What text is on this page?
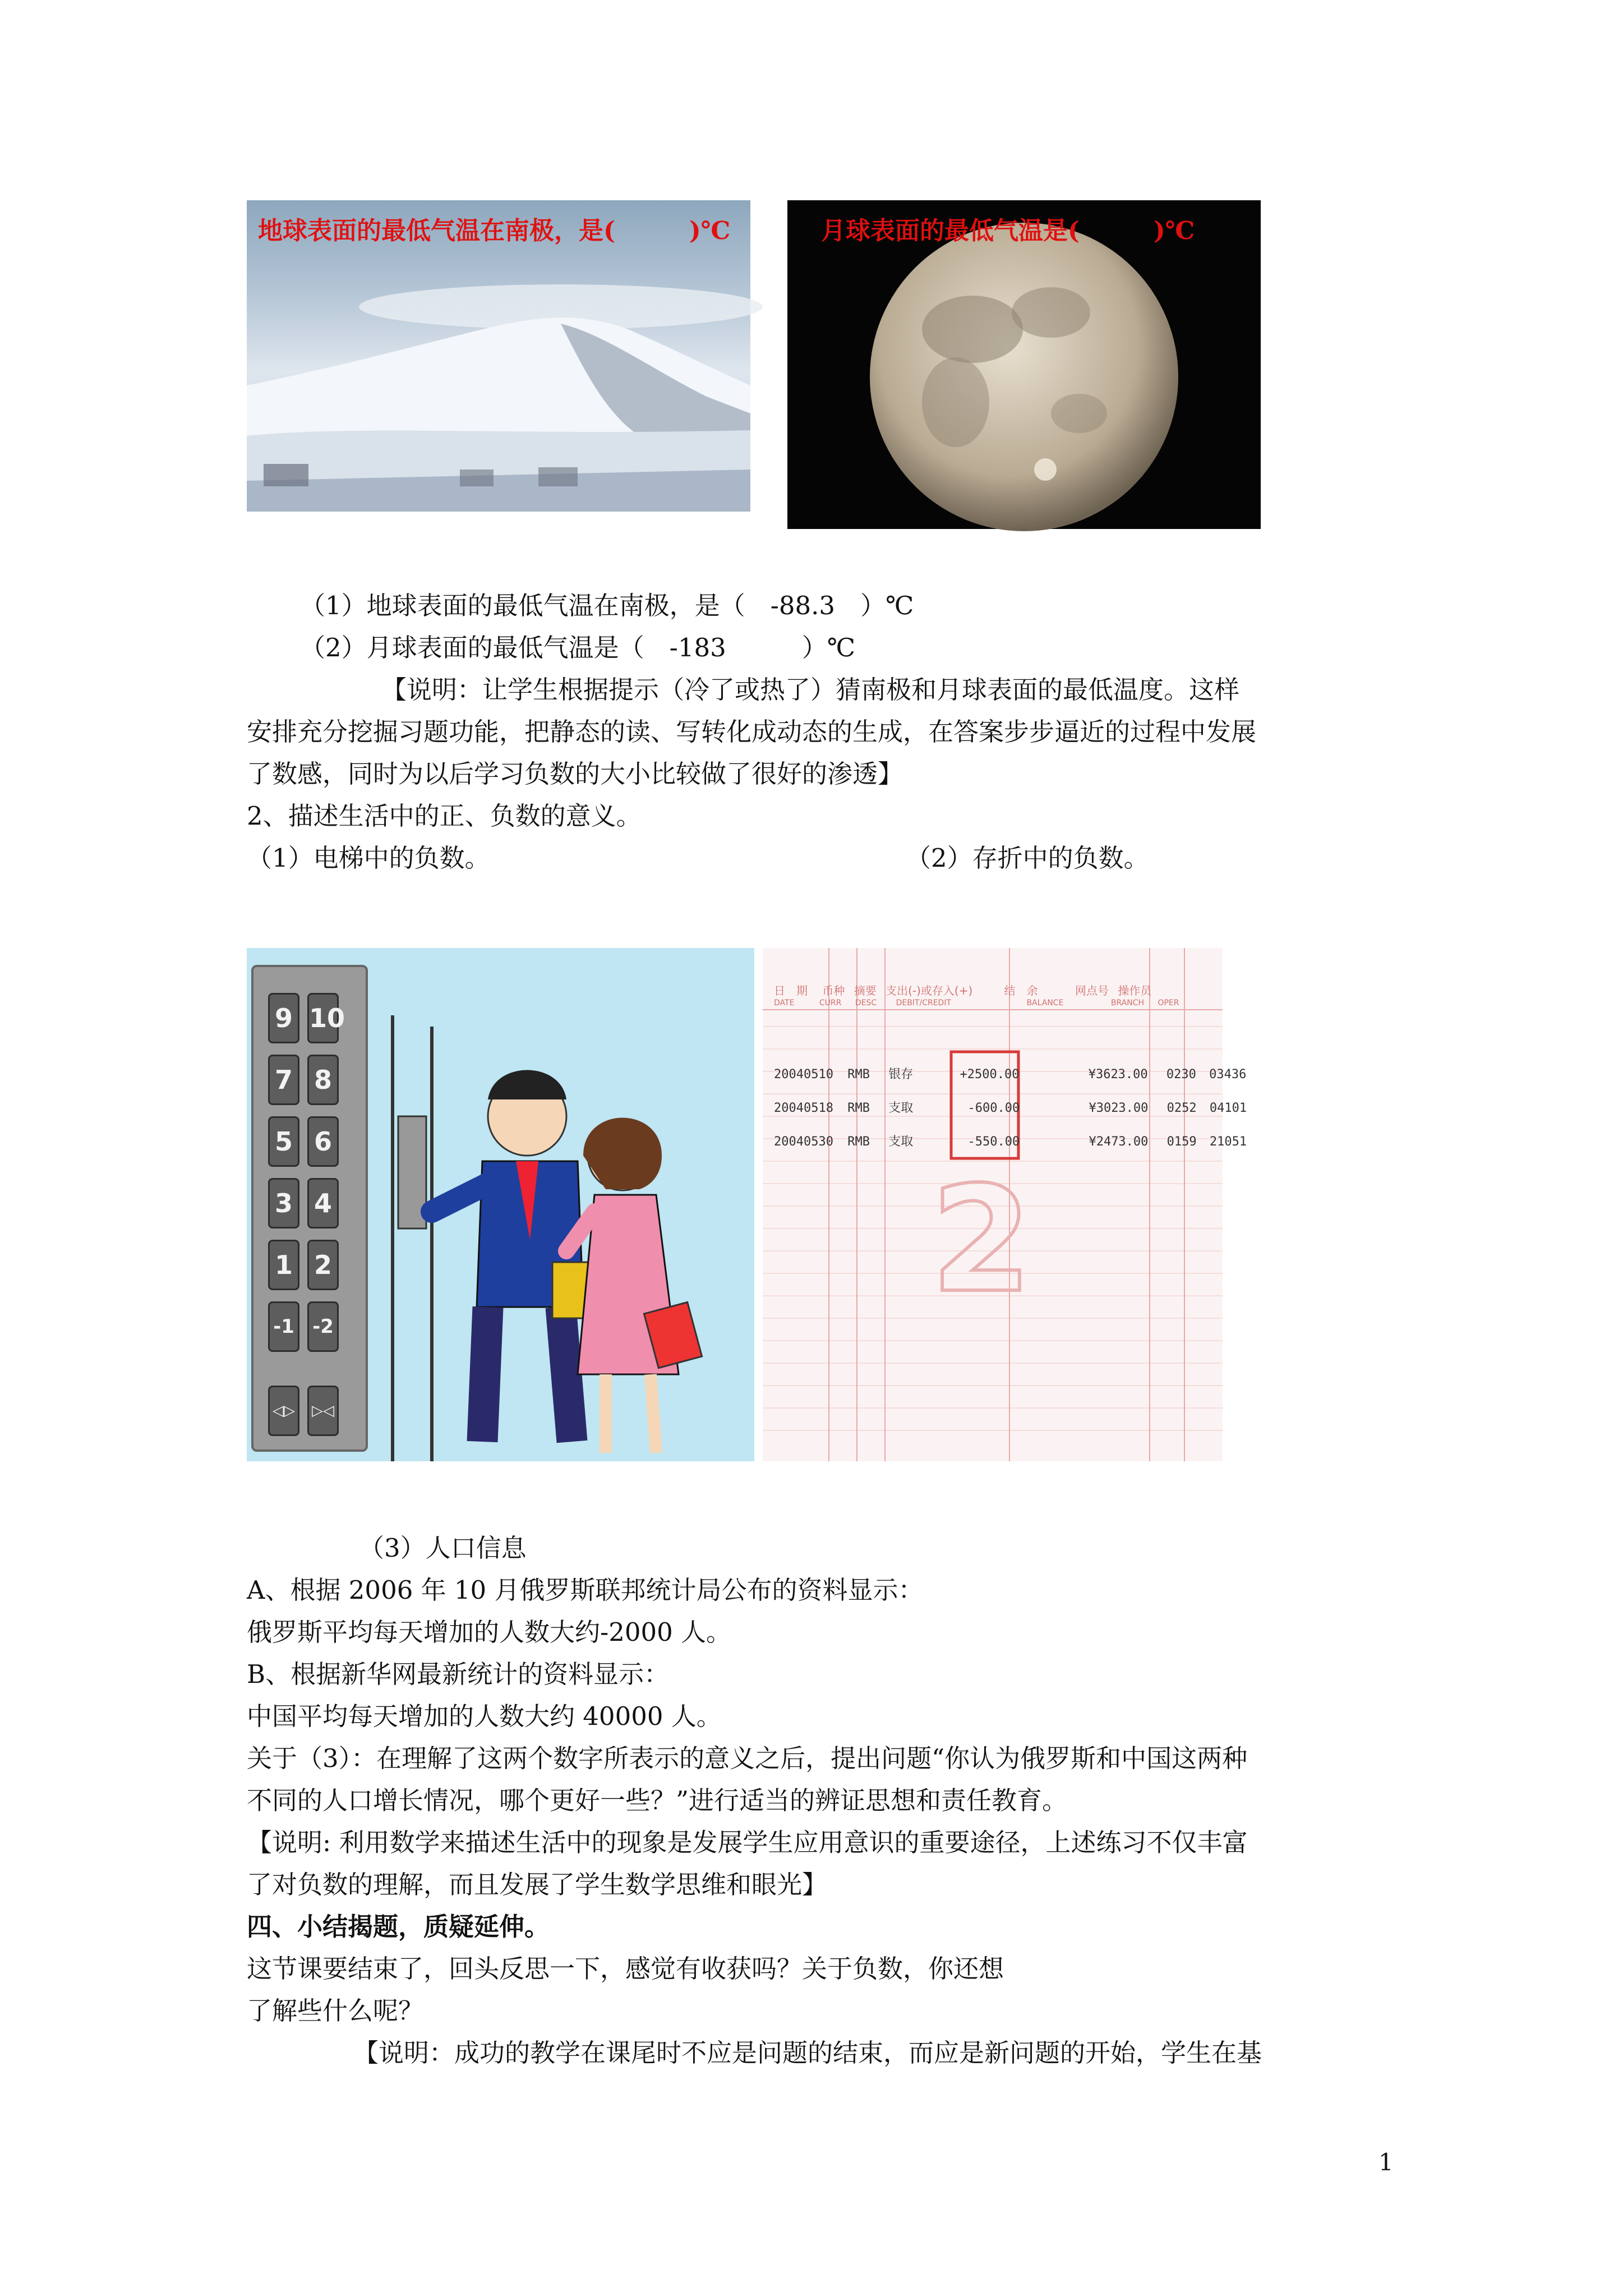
地球表面的最低气温在南极，是(　　　)℃	月球表面的最低气温是(　　　)℃
（1）地球表面的最低气温在南极，是（　-88.3　）℃
（2）月球表面的最低气温是（　-183　　　）℃
【说明：让学生根据提示（冷了或热了）猜南极和月球表面的最低温度。这样
安排充分挖掘习题功能，把静态的读、写转化成动态的生成，在答案步步逼近的过程中发展
了数感，同时为以后学习负数的大小比较做了很好的渗透】
2、描述生活中的正、负数的意义。
（1）电梯中的负数。	（2）存折中的负数。
9 10
7 8
5 6
3 4
1 2
-1 -2
◁▷	▷◁
2
日　期 币种 摘要 支出(-)或存入(+)	结　余	网点号 操作员
DATE	CURR DESC DEBIT/CREDIT	BALANCE	BRANCH OPER
20040510 RMB 银存	+2500.00	¥3623.00 0230 03436
20040518 RMB 支取	-600.00	¥3023.00 0252 04101
20040530 RMB 支取	-550.00	¥2473.00 0159 21051
（3）人口信息
A、根据 2006 年 10 月俄罗斯联邦统计局公布的资料显示：
俄罗斯平均每天增加的人数大约-2000 人。
B、根据新华网最新统计的资料显示：
中国平均每天增加的人数大约 40000 人。
关于（3）：在理解了这两个数字所表示的意义之后，提出问题“你认为俄罗斯和中国这两种
不同的人口增长情况，哪个更好一些？”进行适当的辨证思想和责任教育。
【说明: 利用数学来描述生活中的现象是发展学生应用意识的重要途径，上述练习不仅丰富
了对负数的理解，而且发展了学生数学思维和眼光】
四、小结揭题，质疑延伸。
这节课要结束了，回头反思一下，感觉有收获吗？关于负数，你还想
了解些什么呢？
【说明：成功的教学在课尾时不应是问题的结束，而应是新问题的开始，学生在基
1
